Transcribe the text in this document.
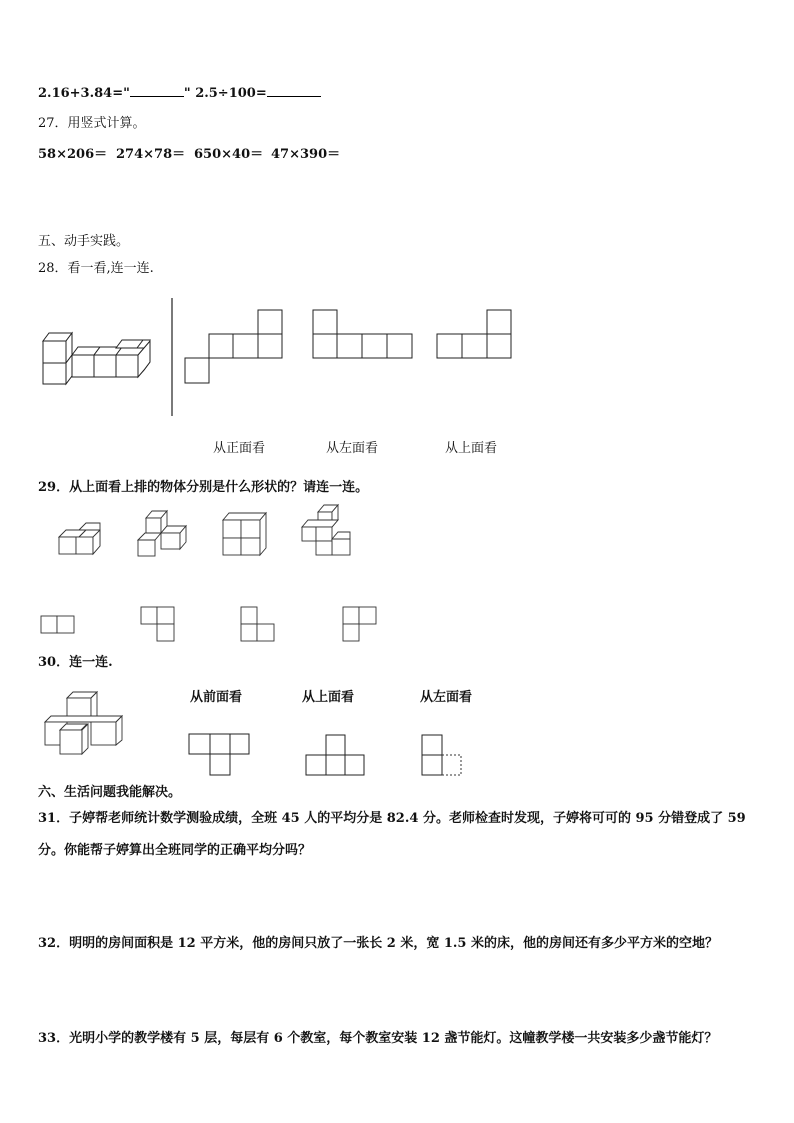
2.16+3.84="	" 2.5÷100=
27．用竖式计算。
58×206＝ 274×78＝ 650×40＝ 47×390＝
五、动手实践。
28．看一看,连一连.
从正面看	从左面看	从上面看
29．从上面看上排的物体分别是什么形状的？请连一连。
30．连一连.
从前面看	从上面看	从左面看
六、生活问题我能解决。
31．子婷帮老师统计数学测验成绩，全班 45 人的平均分是 82.4 分。老师检查时发现，子婷将可可的 95 分错登成了 59
分。你能帮子婷算出全班同学的正确平均分吗？
32．明明的房间面积是 12 平方米，他的房间只放了一张长 2 米，宽 1.5 米的床，他的房间还有多少平方米的空地？
33．光明小学的教学楼有 5 层，每层有 6 个教室，每个教室安装 12 盏节能灯。这幢教学楼一共安装多少盏节能灯？
